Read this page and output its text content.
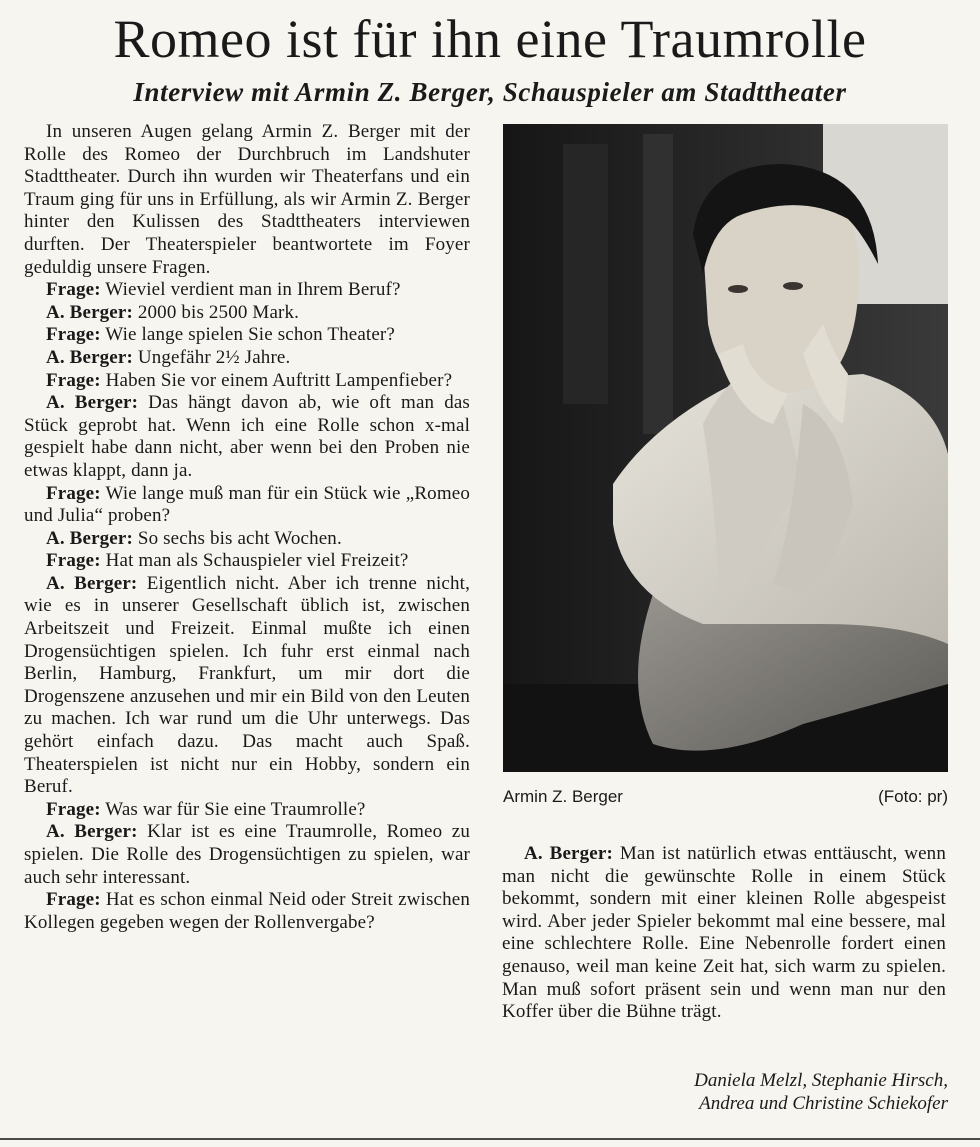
Romeo ist für ihn eine Traumrolle
Interview mit Armin Z. Berger, Schauspieler am Stadttheater

In unseren Augen gelang Armin Z. Berger mit der Rolle des Romeo der Durchbruch im Landshuter Stadttheater. Durch ihn wurden wir Theaterfans und ein Traum ging für uns in Erfüllung, als wir Armin Z. Berger hinter den Kulissen des Stadttheaters interviewen durften. Der Theaterspieler beantwortete im Foyer geduldig unsere Fragen.

Frage: Wieviel verdient man in Ihrem Beruf?

A. Berger: 2000 bis 2500 Mark.

Frage: Wie lange spielen Sie schon Theater?

A. Berger: Ungefähr 2½ Jahre.

Frage: Haben Sie vor einem Auftritt Lampenfieber?

A. Berger: Das hängt davon ab, wie oft man das Stück geprobt hat. Wenn ich eine Rolle schon x-mal gespielt habe dann nicht, aber wenn bei den Proben nie etwas klappt, dann ja.

Frage: Wie lange muß man für ein Stück wie „Romeo und Julia“ proben?

A. Berger: So sechs bis acht Wochen.

Frage: Hat man als Schauspieler viel Freizeit?

A. Berger: Eigentlich nicht. Aber ich trenne nicht, wie es in unserer Gesellschaft üblich ist, zwischen Arbeitszeit und Freizeit. Einmal mußte ich einen Drogensüchtigen spielen. Ich fuhr erst einmal nach Berlin, Hamburg, Frankfurt, um mir dort die Drogenszene anzusehen und mir ein Bild von den Leuten zu machen. Ich war rund um die Uhr unterwegs. Das gehört einfach dazu. Das macht auch Spaß. Theaterspielen ist nicht nur ein Hobby, sondern ein Beruf.

Frage: Was war für Sie eine Traumrolle?

A. Berger: Klar ist es eine Traumrolle, Romeo zu spielen. Die Rolle des Drogensüchtigen zu spielen, war auch sehr interessant.

Frage: Hat es schon einmal Neid oder Streit zwischen Kollegen gegeben wegen der Rollenvergabe?

Armin Z. Berger	(Foto: pr)

A. Berger: Man ist natürlich etwas enttäuscht, wenn man nicht die gewünschte Rolle in einem Stück bekommt, sondern mit einer kleinen Rolle abgespeist wird. Aber jeder Spieler bekommt mal eine bessere, mal eine schlechtere Rolle. Eine Nebenrolle fordert einen genauso, weil man keine Zeit hat, sich warm zu spielen. Man muß sofort präsent sein und wenn man nur den Koffer über die Bühne trägt.

Daniela Melzl, Stephanie Hirsch,
Andrea und Christine Schiekofer
